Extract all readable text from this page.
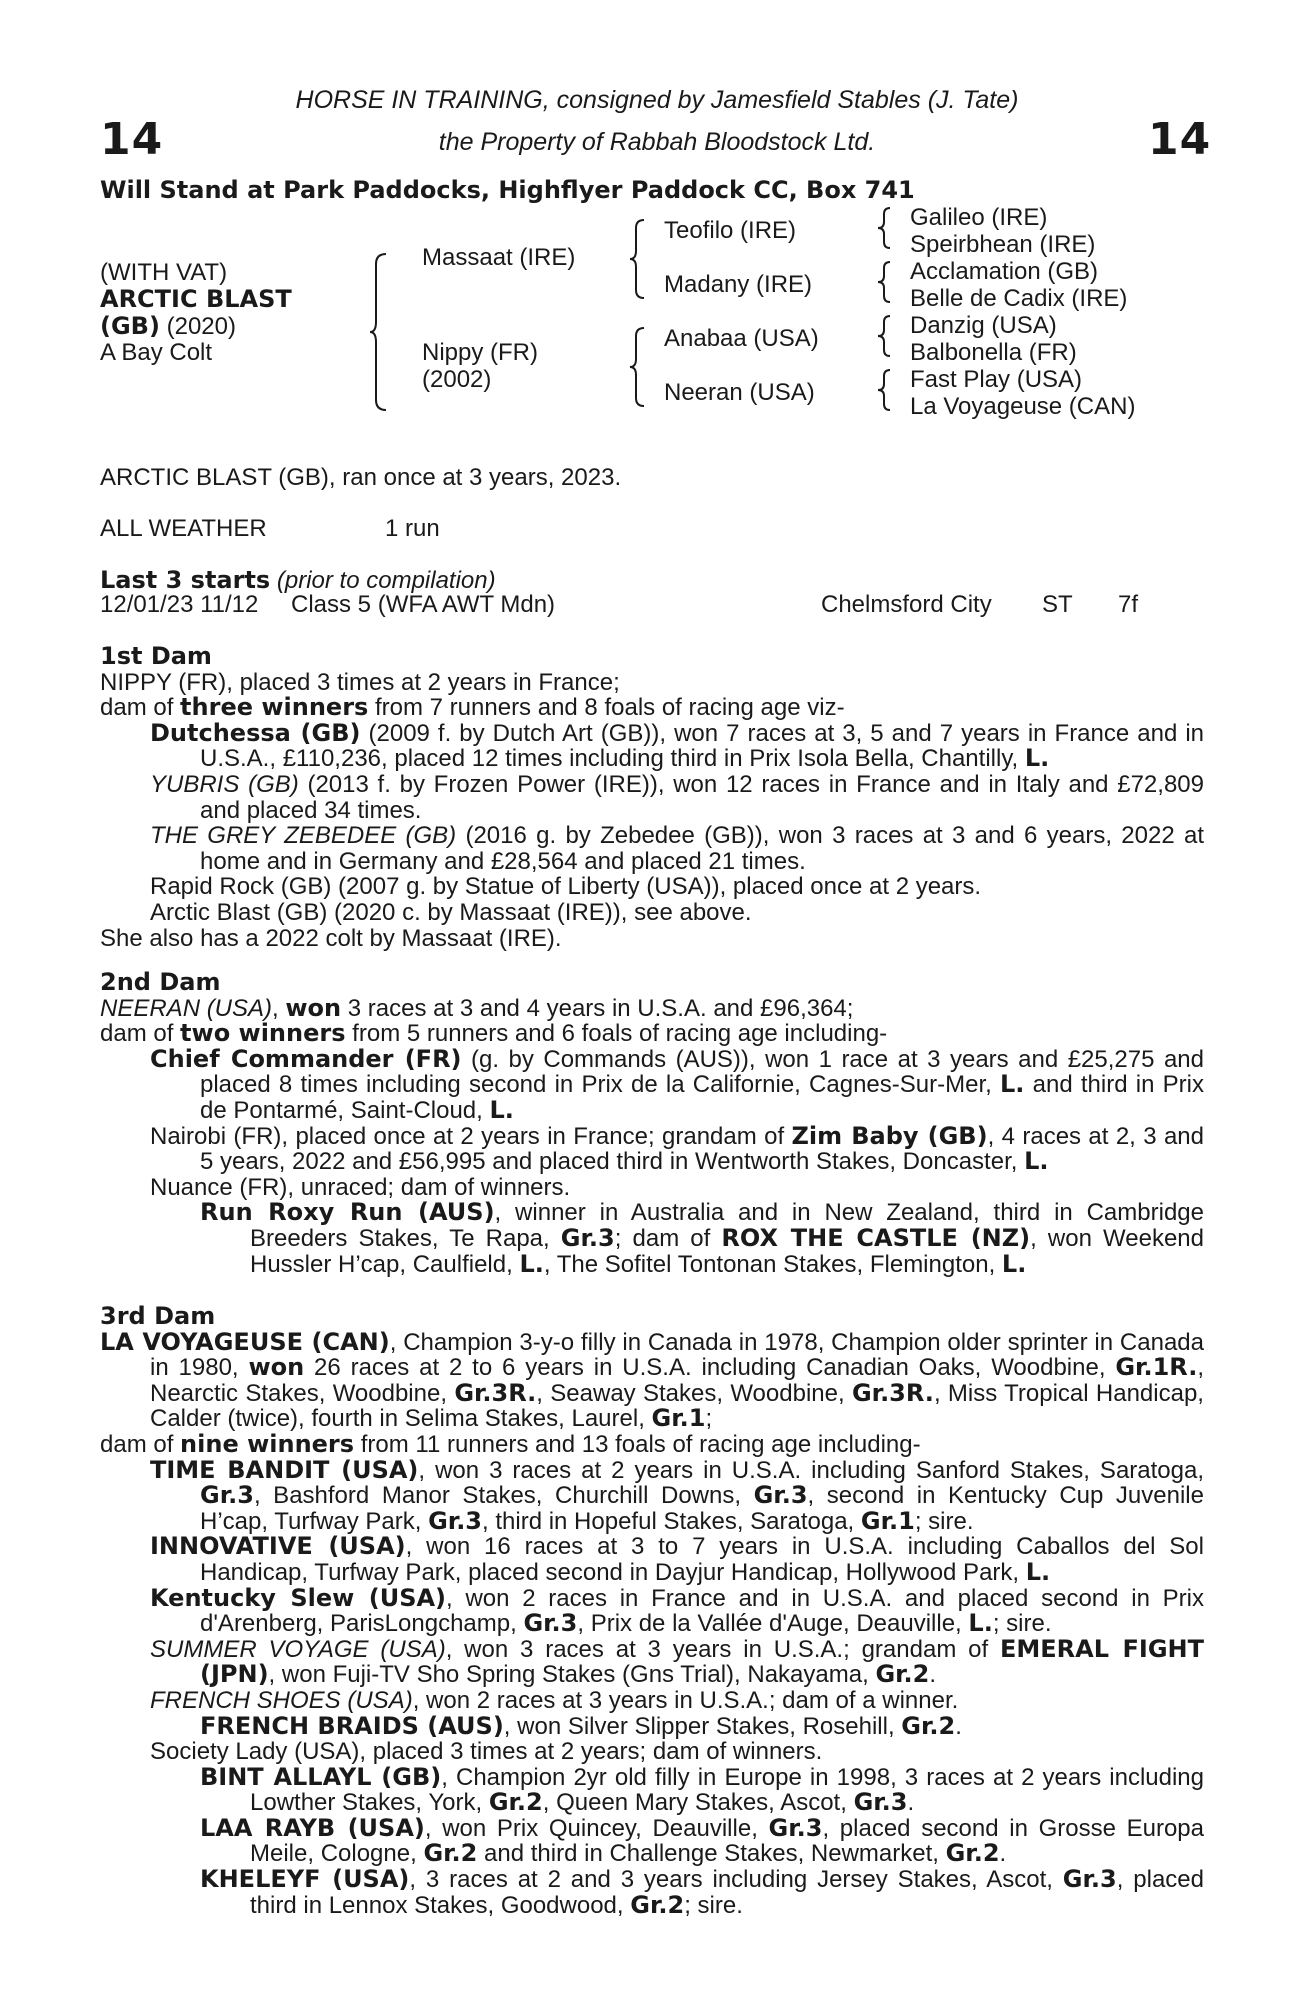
14	14
HORSE IN TRAINING, consigned by Jamesfield Stables (J. Tate)
the Property of Rabbah Bloodstock Ltd.
Will Stand at Park Paddocks, Highflyer Paddock CC, Box 741
(WITH VAT)
ARCTIC BLAST
(GB) (2020)
A Bay Colt
Massaat (IRE)
Nippy (FR)
(2002)
Teofilo (IRE)
Madany (IRE)
Anabaa (USA)
Neeran (USA)
Galileo (IRE)
Speirbhean (IRE)
Acclamation (GB)
Belle de Cadix (IRE)
Danzig (USA)
Balbonella (FR)
Fast Play (USA)
La Voyageuse (CAN)
ARCTIC BLAST (GB), ran once at 3 years, 2023.
ALL WEATHER	1 run
Last 3 starts (prior to compilation)
12/01/23 11/12 Class 5 (WFA AWT Mdn)	Chelmsford City ST 7f

1st Dam

NIPPY (FR), placed 3 times at 2 years in France;

dam of three winners from 7 runners and 8 foals of racing age viz-

Dutchessa (GB) (2009 f. by Dutch Art (GB)), won 7 races at 3, 5 and 7 years in France and in U.S.A., £110,236, placed 12 times including third in Prix Isola Bella, Chantilly, L.

YUBRIS (GB) (2013 f. by Frozen Power (IRE)), won 12 races in France and in Italy and £72,809 and placed 34 times.

THE GREY ZEBEDEE (GB) (2016 g. by Zebedee (GB)), won 3 races at 3 and 6 years, 2022 at home and in Germany and £28,564 and placed 21 times.

Rapid Rock (GB) (2007 g. by Statue of Liberty (USA)), placed once at 2 years.

Arctic Blast (GB) (2020 c. by Massaat (IRE)), see above.

She also has a 2022 colt by Massaat (IRE).

2nd Dam

NEERAN (USA), won 3 races at 3 and 4 years in U.S.A. and £96,364;

dam of two winners from 5 runners and 6 foals of racing age including-

Chief Commander (FR) (g. by Commands (AUS)), won 1 race at 3 years and £25,275 and placed 8 times including second in Prix de la Californie, Cagnes-Sur-Mer, L. and third in Prix de Pontarmé, Saint-Cloud, L.

Nairobi (FR), placed once at 2 years in France; grandam of Zim Baby (GB), 4 races at 2, 3 and 5 years, 2022 and £56,995 and placed third in Wentworth Stakes, Doncaster, L.

Nuance (FR), unraced; dam of winners.

Run Roxy Run (AUS), winner in Australia and in New Zealand, third in Cambridge Breeders Stakes, Te Rapa, Gr.3; dam of ROX THE CASTLE (NZ), won Weekend Hussler H’cap, Caulfield, L., The Sofitel Tontonan Stakes, Flemington, L.

3rd Dam

LA VOYAGEUSE (CAN), Champion 3-y-o filly in Canada in 1978, Champion older sprinter in Canada in 1980, won 26 races at 2 to 6 years in U.S.A. including Canadian Oaks, Woodbine, Gr.1R., Nearctic Stakes, Woodbine, Gr.3R., Seaway Stakes, Woodbine, Gr.3R., Miss Tropical Handicap, Calder (twice), fourth in Selima Stakes, Laurel, Gr.1;

dam of nine winners from 11 runners and 13 foals of racing age including-

TIME BANDIT (USA), won 3 races at 2 years in U.S.A. including Sanford Stakes, Saratoga, Gr.3, Bashford Manor Stakes, Churchill Downs, Gr.3, second in Kentucky Cup Juvenile H’cap, Turfway Park, Gr.3, third in Hopeful Stakes, Saratoga, Gr.1; sire.

INNOVATIVE (USA), won 16 races at 3 to 7 years in U.S.A. including Caballos del Sol Handicap, Turfway Park, placed second in Dayjur Handicap, Hollywood Park, L.

Kentucky Slew (USA), won 2 races in France and in U.S.A. and placed second in Prix d'Arenberg, ParisLongchamp, Gr.3, Prix de la Vallée d'Auge, Deauville, L.; sire.

SUMMER VOYAGE (USA), won 3 races at 3 years in U.S.A.; grandam of EMERAL FIGHT (JPN), won Fuji-TV Sho Spring Stakes (Gns Trial), Nakayama, Gr.2.

FRENCH SHOES (USA), won 2 races at 3 years in U.S.A.; dam of a winner.

FRENCH BRAIDS (AUS), won Silver Slipper Stakes, Rosehill, Gr.2.

Society Lady (USA), placed 3 times at 2 years; dam of winners.

BINT ALLAYL (GB), Champion 2yr old filly in Europe in 1998, 3 races at 2 years including Lowther Stakes, York, Gr.2, Queen Mary Stakes, Ascot, Gr.3.

LAA RAYB (USA), won Prix Quincey, Deauville, Gr.3, placed second in Grosse Europa Meile, Cologne, Gr.2 and third in Challenge Stakes, Newmarket, Gr.2.

KHELEYF (USA), 3 races at 2 and 3 years including Jersey Stakes, Ascot, Gr.3, placed third in Lennox Stakes, Goodwood, Gr.2; sire.
